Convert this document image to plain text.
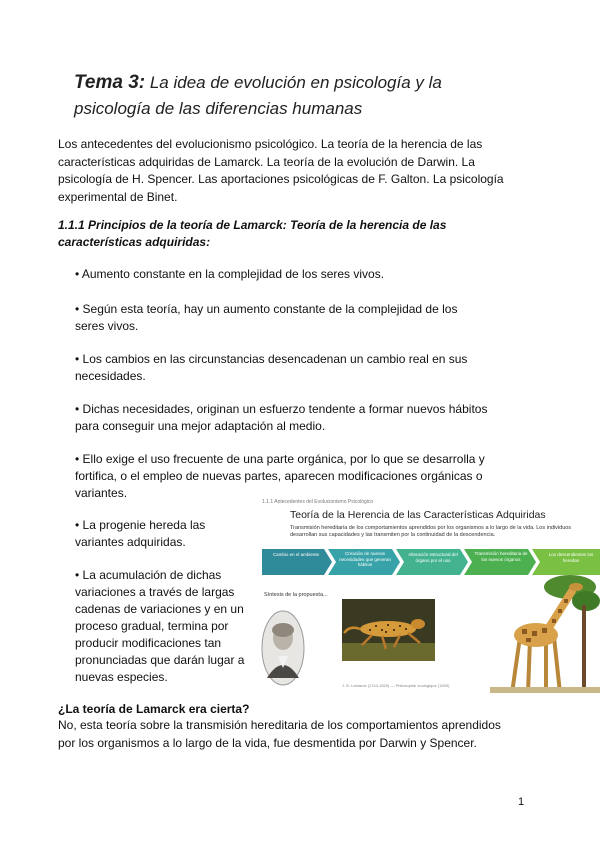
Tema 3: La idea de evolución en psicología y la psicología de las diferencias humanas
Los antecedentes del evolucionismo psicológico. La teoría de la herencia de las características adquiridas de Lamarck. La teoría de la evolución de Darwin. La psicología de H. Spencer. Las aportaciones psicológicas de F. Galton. La psicología experimental de Binet.
1.1.1 Principios de la teoría de Lamarck: Teoría de la herencia de las características adquiridas:
• Aumento constante en la complejidad de los seres vivos.
• Según esta teoría, hay un aumento constante de la complejidad de los seres vivos.
• Los cambios en las circunstancias desencadenan un cambio real en sus necesidades.
• Dichas necesidades, originan un esfuerzo tendente a formar nuevos hábitos para conseguir una mejor adaptación al medio.
• Ello exige el uso frecuente de una parte orgánica, por lo que se desarrolla y fortifica, o el empleo de nuevas partes, aparecen modificaciones orgánicas o variantes.
• La progenie hereda las variantes adquiridas.
• La acumulación de dichas variaciones a través de largas cadenas de variaciones y en un proceso gradual, termina por producir modificaciones tan pronunciadas que darán lugar a nuevas especies.
1.1.1 Antecedentes del Evolucionismo Psicológico
Teoría de la Herencia de las Características Adquiridas
Transmisión hereditaria de los comportamientos aprendidos por los organismos a lo largo de la vida. Los individuos desarrollan sus capacidades y las transmiten por la continuidad de la descendencia.
Cambio en el ambiente	Creación de nuevas necesidades que generan hábitos
Alteración estructural del órgano por el uso
Transmisión hereditaria de los nuevos órganos
Los descendientes los heredan
Síntesis de la propuesta...
J. B. Lamarck (1744-1829) — Philosophie zoologique (1809)
¿La teoría de Lamarck era cierta?
No, esta teoría sobre la transmisión hereditaria de los comportamientos aprendidos por los organismos a lo largo de la vida, fue desmentida por Darwin y Spencer.
1
